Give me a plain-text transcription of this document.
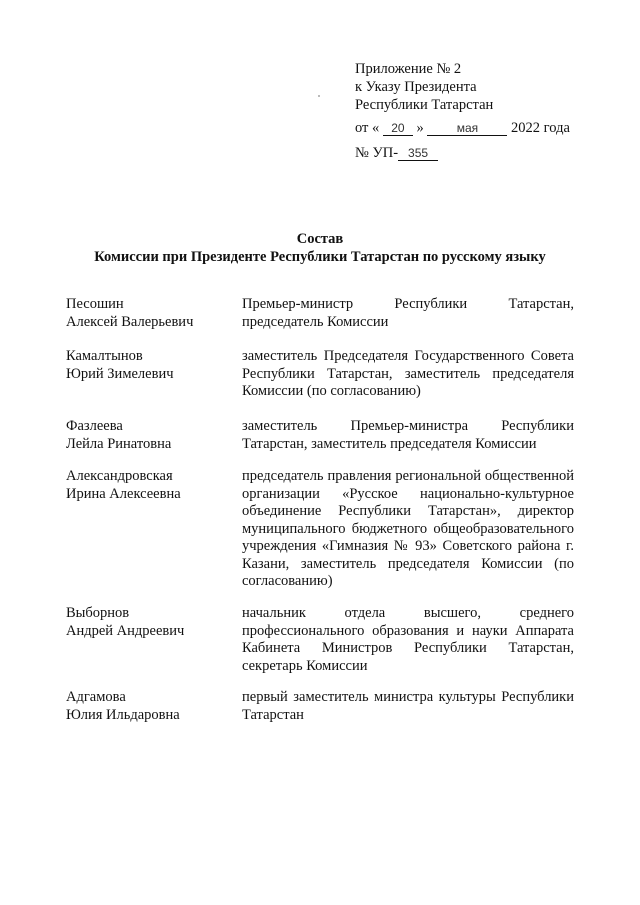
Приложение № 2
к Указу Президента
Республики Татарстан
от « 20 »	мая 2022 года
№ УП- 355
Состав
Комиссии при Президенте Республики Татарстан по русскому языку
Песошин
Алексей Валерьевич
Премьер-министр Республики Татарстан, председатель Комиссии
Камалтынов
Юрий Зимелевич
заместитель Председателя Государственного Совета Республики Татарстан, заместитель председателя Комиссии (по согласованию)
Фазлеева
Лейла Ринатовна
заместитель Премьер-министра Республики Татарстан, заместитель председателя Комиссии
Александровская
Ирина Алексеевна
председатель правления региональной общественной организации «Русское национально-культурное объединение Республики Татарстан», директор муниципального бюджетного общеобразовательного учреждения «Гимназия № 93» Советского района г. Казани, заместитель председателя Комиссии (по согласованию)
Выборнов
Андрей Андреевич
начальник отдела высшего, среднего профессионального образования и науки Аппарата Кабинета Министров Республики Татарстан, секретарь Комиссии
Адгамова
Юлия Ильдаровна
первый заместитель министра культуры Республики Татарстан
